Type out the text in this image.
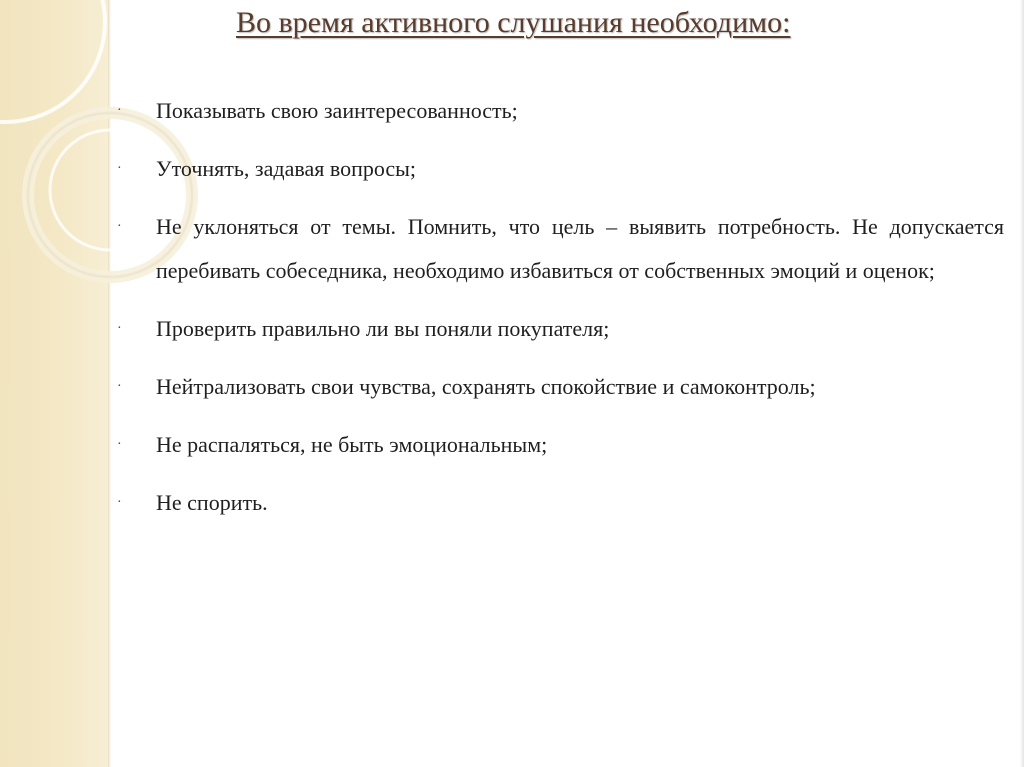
Во время активного слушания необходимо:
· Показывать свою заинтересованность;
· Уточнять, задавая вопросы;
· Не уклоняться от темы. Помнить, что цель – выявить потребность. Не допускается перебивать собеседника, необходимо избавиться от собственных эмоций и оценок;
· Проверить правильно ли вы поняли покупателя;
· Нейтрализовать свои чувства, сохранять спокойствие и самоконтроль;
· Не распаляться, не быть эмоциональным;
· Не спорить.
